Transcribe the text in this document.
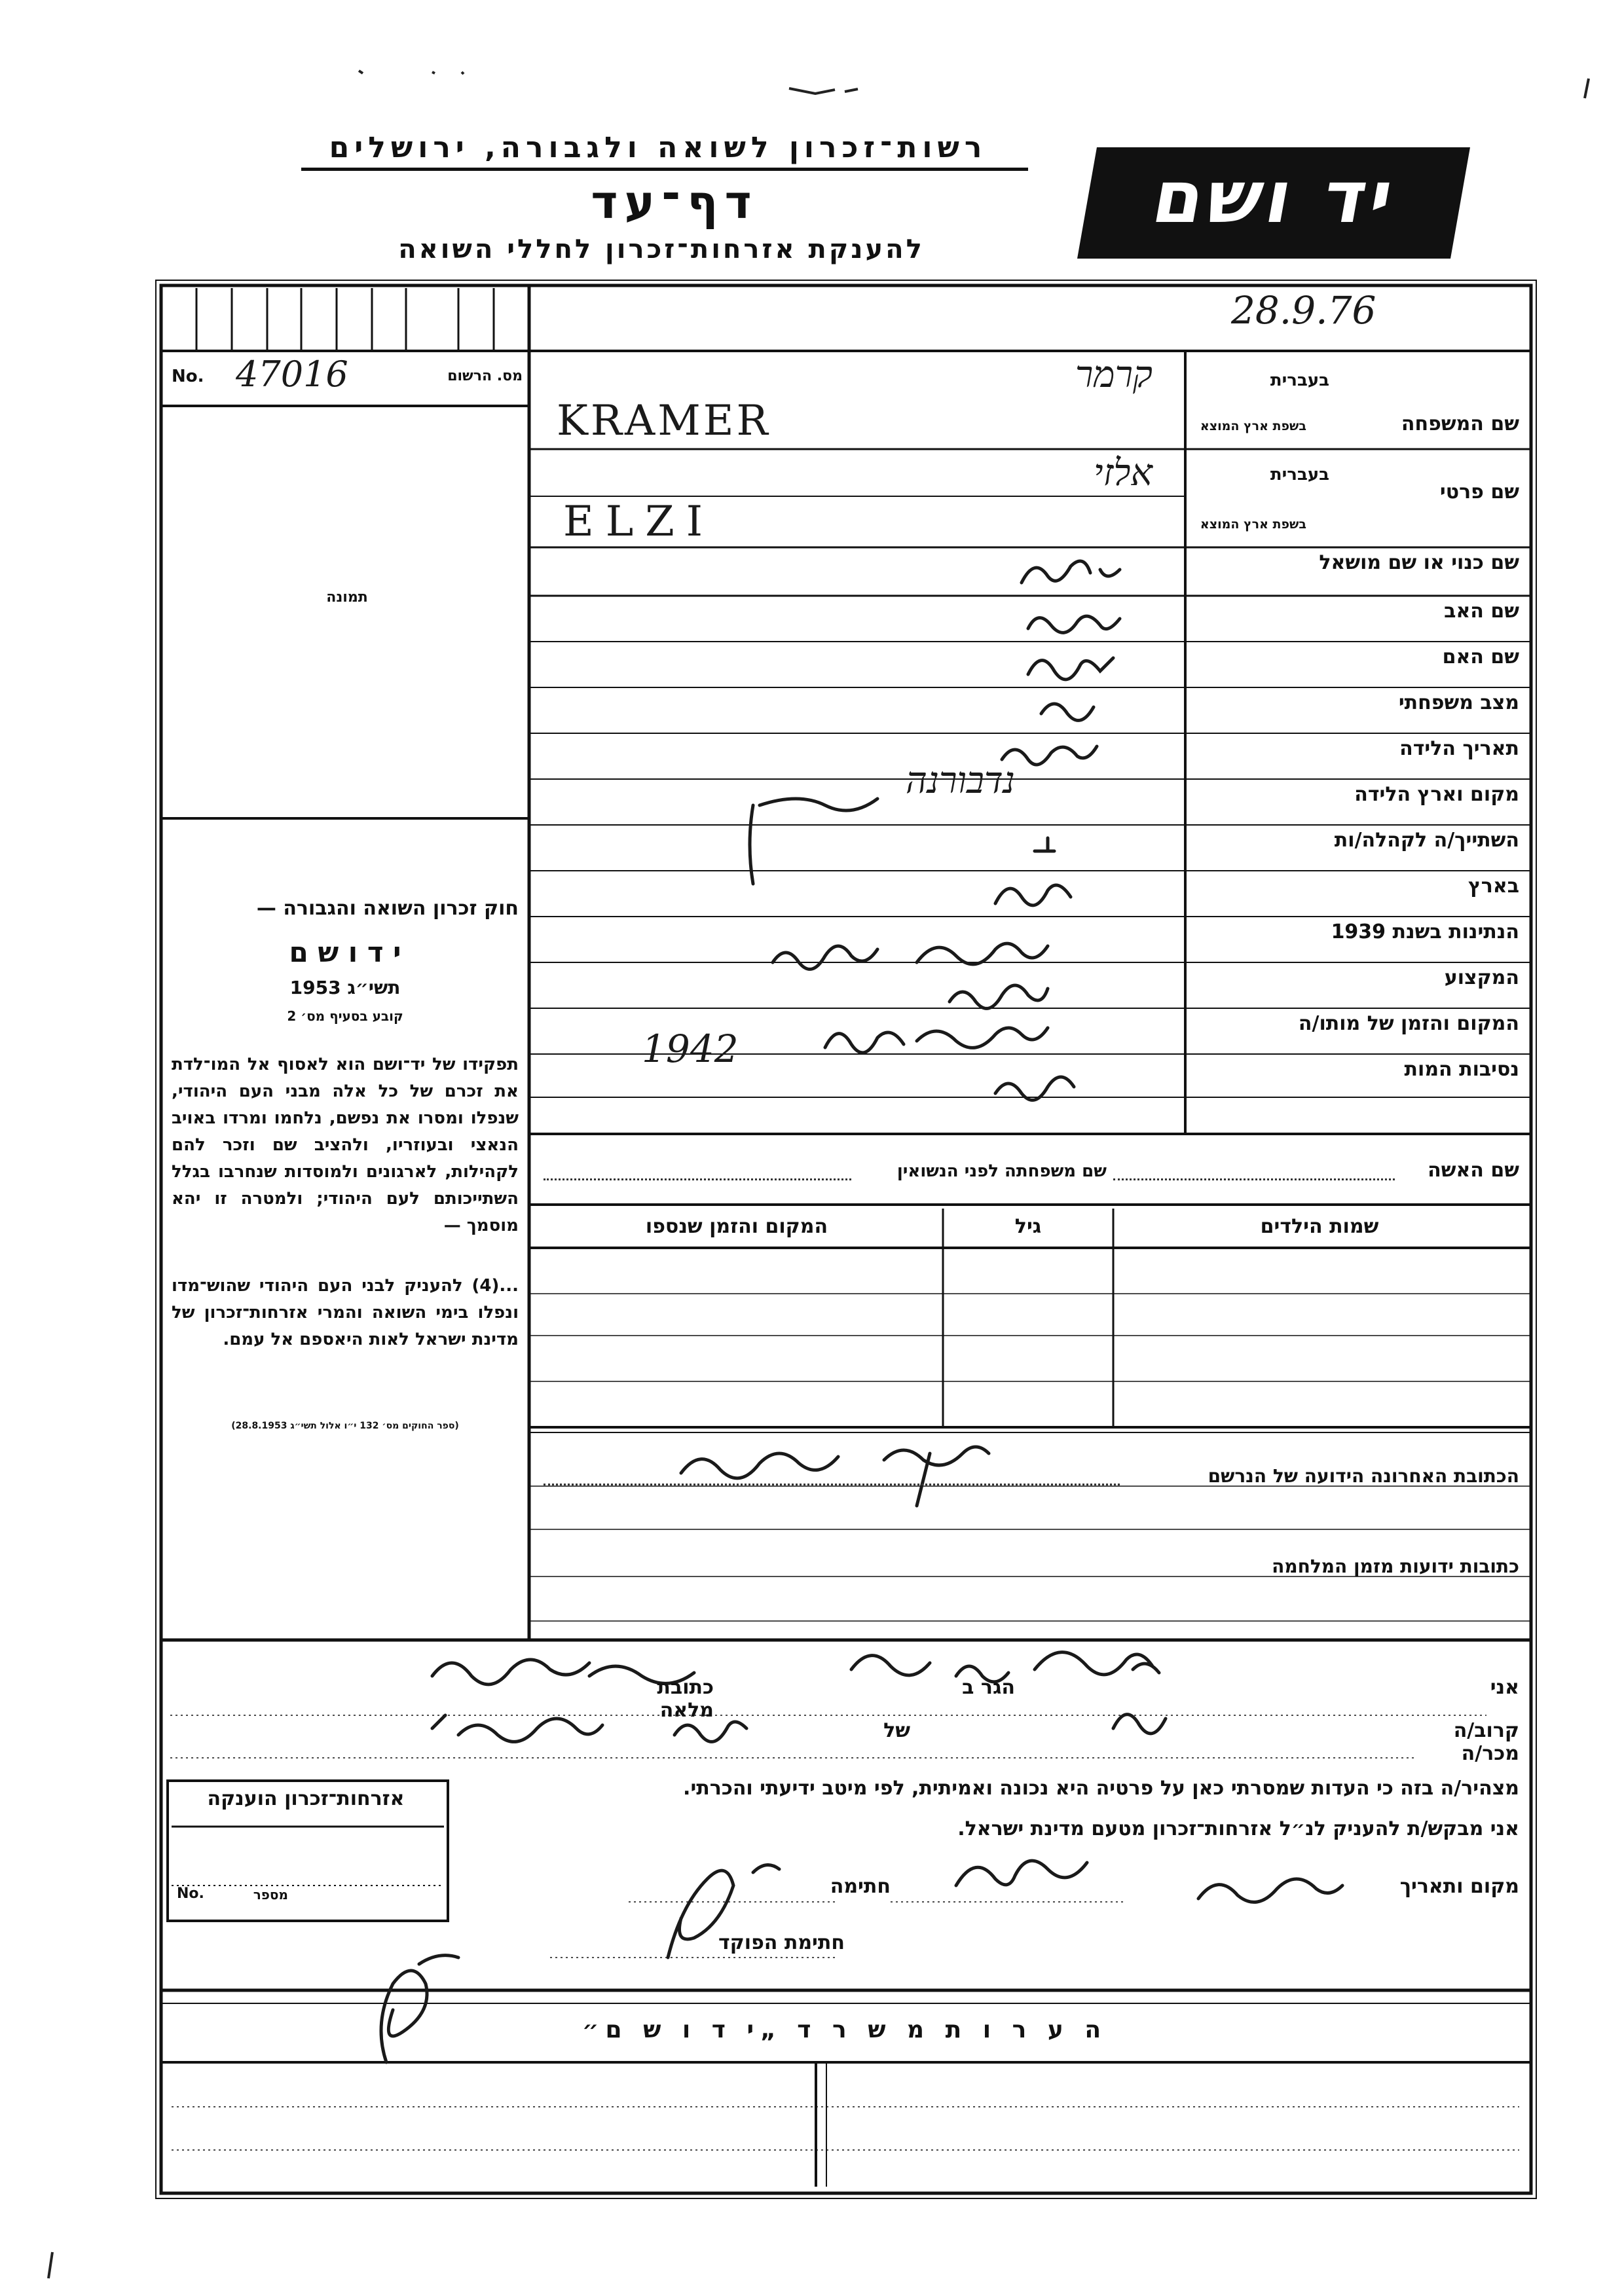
רשות־זכרון לשואה ולגבורה, ירושלים
דף־עד
להענקת אזרחות־זכרון לחללי השואה
יד ושם
28.9.76
No. 47016	מס. הרשום
תמונה
שם המשפחה
בעברית
בשפת ארץ המוצא
שם פרטי
בעברית
בשפת ארץ המוצא
שם כנוי או שם מושאל
שם האב
שם האם
מצב משפחתי
תאריך הלידה
מקום וארץ הלידה
השתייך/ה לקהלה/ות
בארץ
הנתינות בשנת 1939
המקצוע
המקום והזמן של מותו/ה
נסיבות המות
קרמר
KRAMER
אלזי
ELZI
נדבורנה
1942
שם האשה
שם משפחתה לפני הנשואין
שמות הילדים
גיל
המקום והזמן שנספו
חוק זכרון השואה והגבורה —
י ד ו ש ם
תשי״ג 1953
קובע בסעיף מס׳ 2
תפקידו של יד־ושם הוא לאסוף אל המו־לדת את זכרם של כל אלה מבני העם היהודי, שנפלו ומסרו את נפשם, נלחמו ומרדו באויב הנאצי ובעוזריו, ולהציב שם וזכר להם לקהילות, לארגונים ולמוסדות שנחרבו בגלל השתייכותם לעם היהודי; ולמטרה זו יהא מוסמך —
...(4) להעניק לבני העם היהודי שהוש־מדו ונפלו בימי השואה והמרי אזרחות־זכרון של מדינת ישראל לאות היאספם אל עמם.
(ספר החוקים מס׳ 132 י״ו אלול תשי״ג 28.8.1953)
הכתובת האחרונה הידועה של הנרשם
כתובות ידועות מזמן המלחמה
אני
הגר ב
כתובת מלאה
קרוב/ה מכר/ה
של
מצהיר/ה בזה כי העדות שמסרתי כאן על פרטיה היא נכונה ואמיתית, לפי מיטב ידיעתי והכרתי.
אני מבקש/ת להעניק לנ״ל אזרחות־זכרון מטעם מדינת ישראל.
מקום ותאריך
חתימה
חתימת הפוקד
אזרחות־זכרון הוענקה
No.	מספר
ה ע ר ו ת מ ש ר ד „י ד ו ש ם״
